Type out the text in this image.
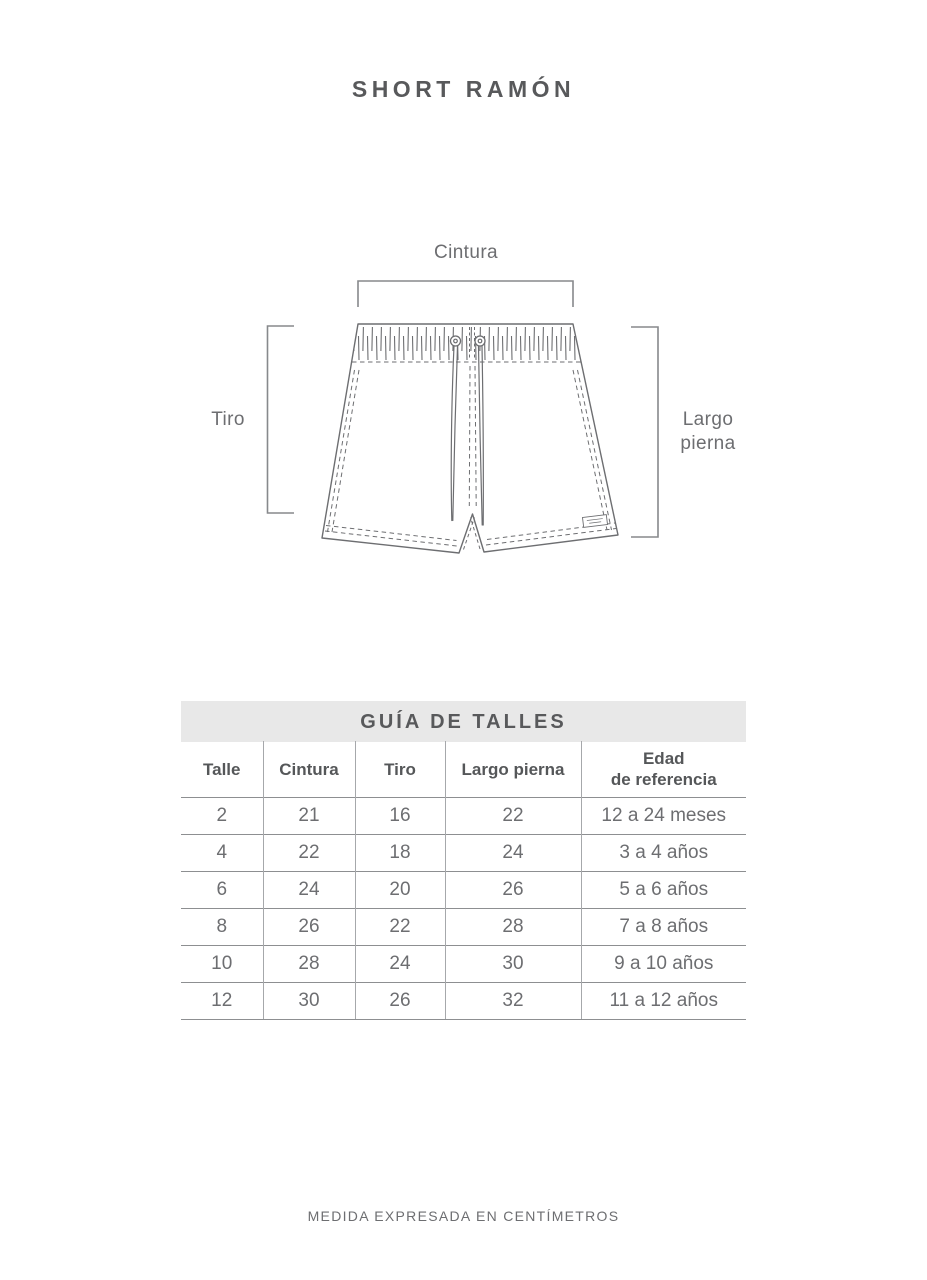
SHORT RAMÓN
Cintura
Tiro	Largo pierna
GUÍA DE TALLES
Talle	Cintura	Tiro	Largo pierna	Edad
de referencia

2	21	16	22	12 a 24 meses
4	22	18	24	3 a 4 años
6	24	20	26	5 a 6 años
8	26	22	28	7 a 8 años
10	28	24	30	9 a 10 años
12	30	26	32	11 a 12 años
MEDIDA EXPRESADA EN CENTÍMETROS
